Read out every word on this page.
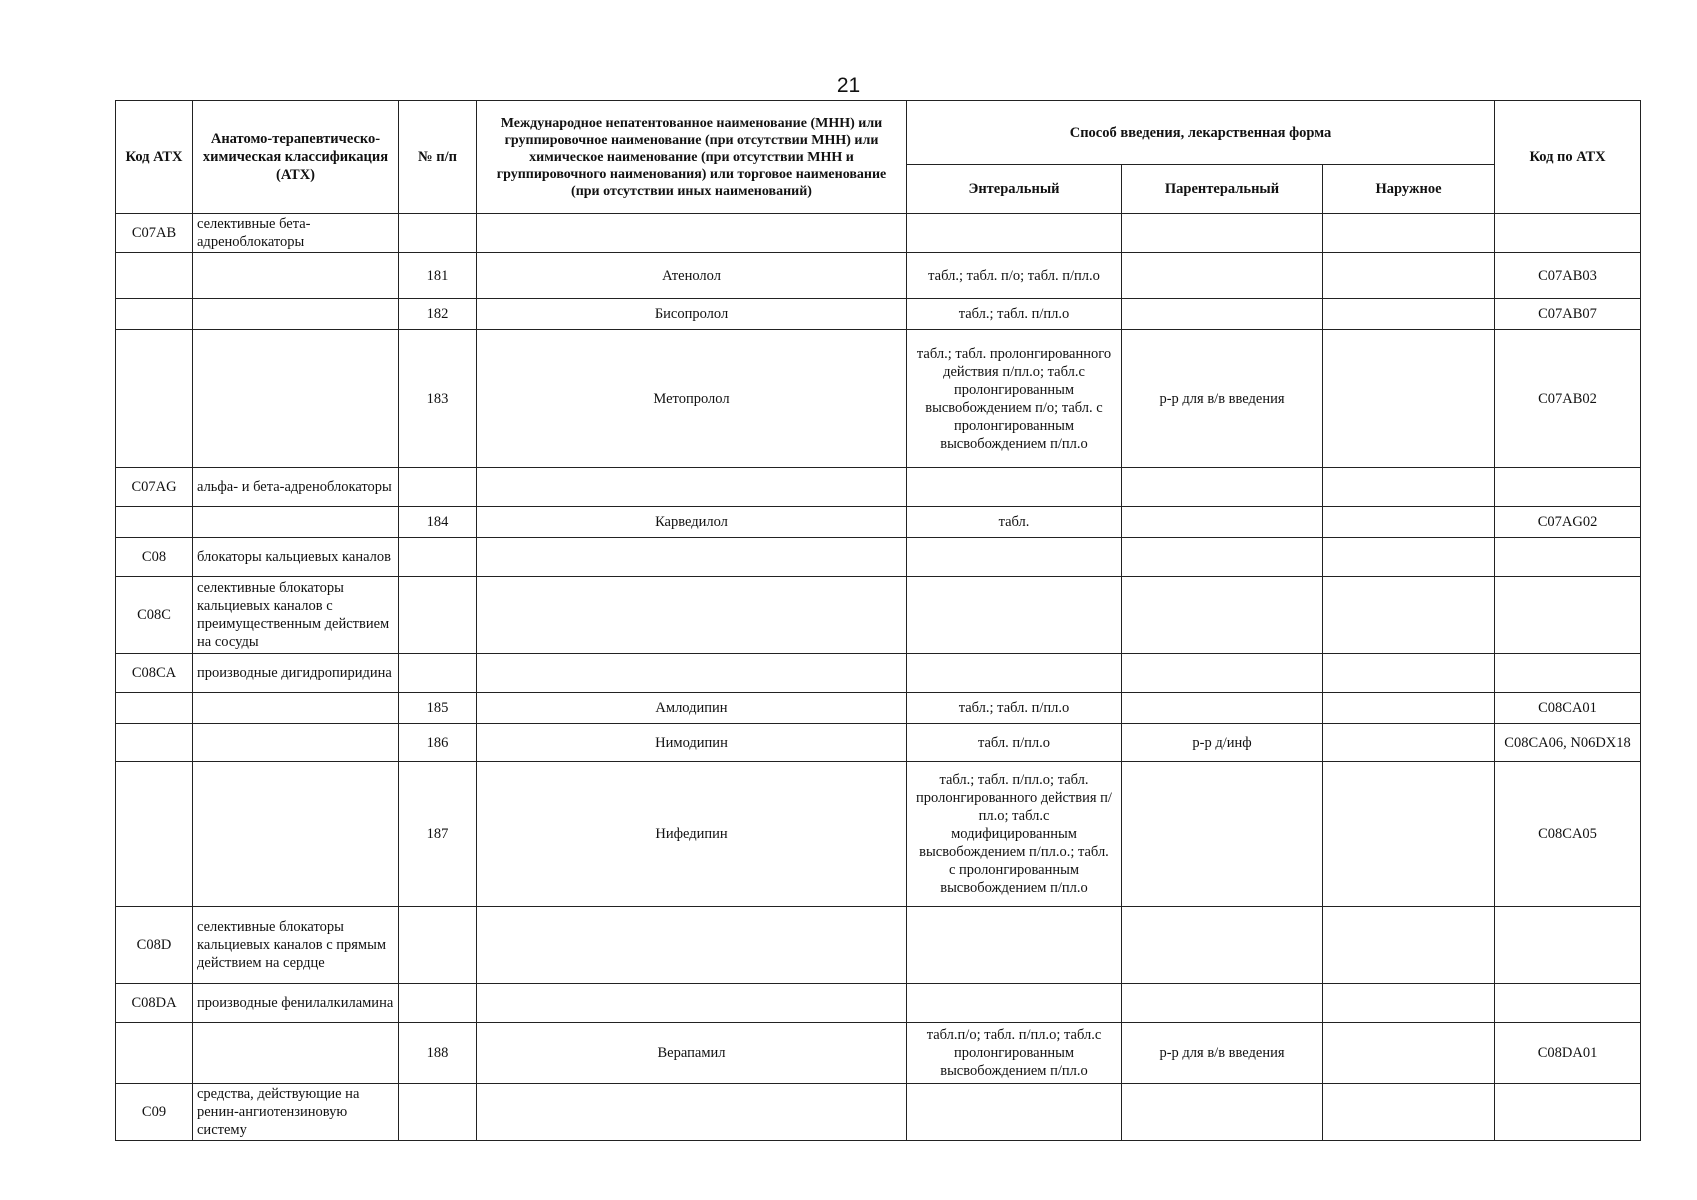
21
Код АТХ	Анатомо-терапевтическо-химическая классификация (АТХ)	№ п/п	Международное непатентованное наименование (МНН) или группировочное наименование (при отсутствии МНН) или химическое наименование (при отсутствии МНН и группировочного наименования) или торговое наименование (при отсутствии иных наименований)	Способ введения, лекарственная форма			Код по АТХ
				Энтеральный	Парентеральный	Наружное	
C07AB	селективные бета-адреноблокаторы						
		181	Атенолол	табл.; табл. п/о; табл. п/пл.о			C07AB03
		182	Бисопролол	табл.; табл. п/пл.о			C07AB07
		183	Метопролол	табл.; табл. пролонгированного действия п/пл.о; табл.с пролонгированным высвобождением п/о; табл. с пролонгированным высвобождением п/пл.о	р-р для в/в введения		C07AB02
C07AG	альфа- и бета-адреноблокаторы						
		184	Карведилол	табл.			C07AG02
C08	блокаторы кальциевых каналов						
C08C	селективные блокаторы кальциевых каналов с преимущественным действием на сосуды						
C08CA	производные дигидропиридина						
		185	Амлодипин	табл.; табл. п/пл.о			C08CA01
		186	Нимодипин	табл. п/пл.о	р-р д/инф		C08CA06, N06DX18
		187	Нифедипин	табл.; табл. п/пл.о; табл. пролонгированного действия п/пл.о; табл.с модифицированным высвобождением п/пл.о.; табл. с пролонгированным высвобождением п/пл.о			C08CA05
C08D	селективные блокаторы кальциевых каналов с прямым действием на сердце						
C08DA	производные фенилалкиламина						
		188	Верапамил	табл.п/о; табл. п/пл.о; табл.с пролонгированным высвобождением п/пл.о	р-р для в/в введения		C08DA01
C09	средства, действующие на ренин-ангиотензиновую систему						
